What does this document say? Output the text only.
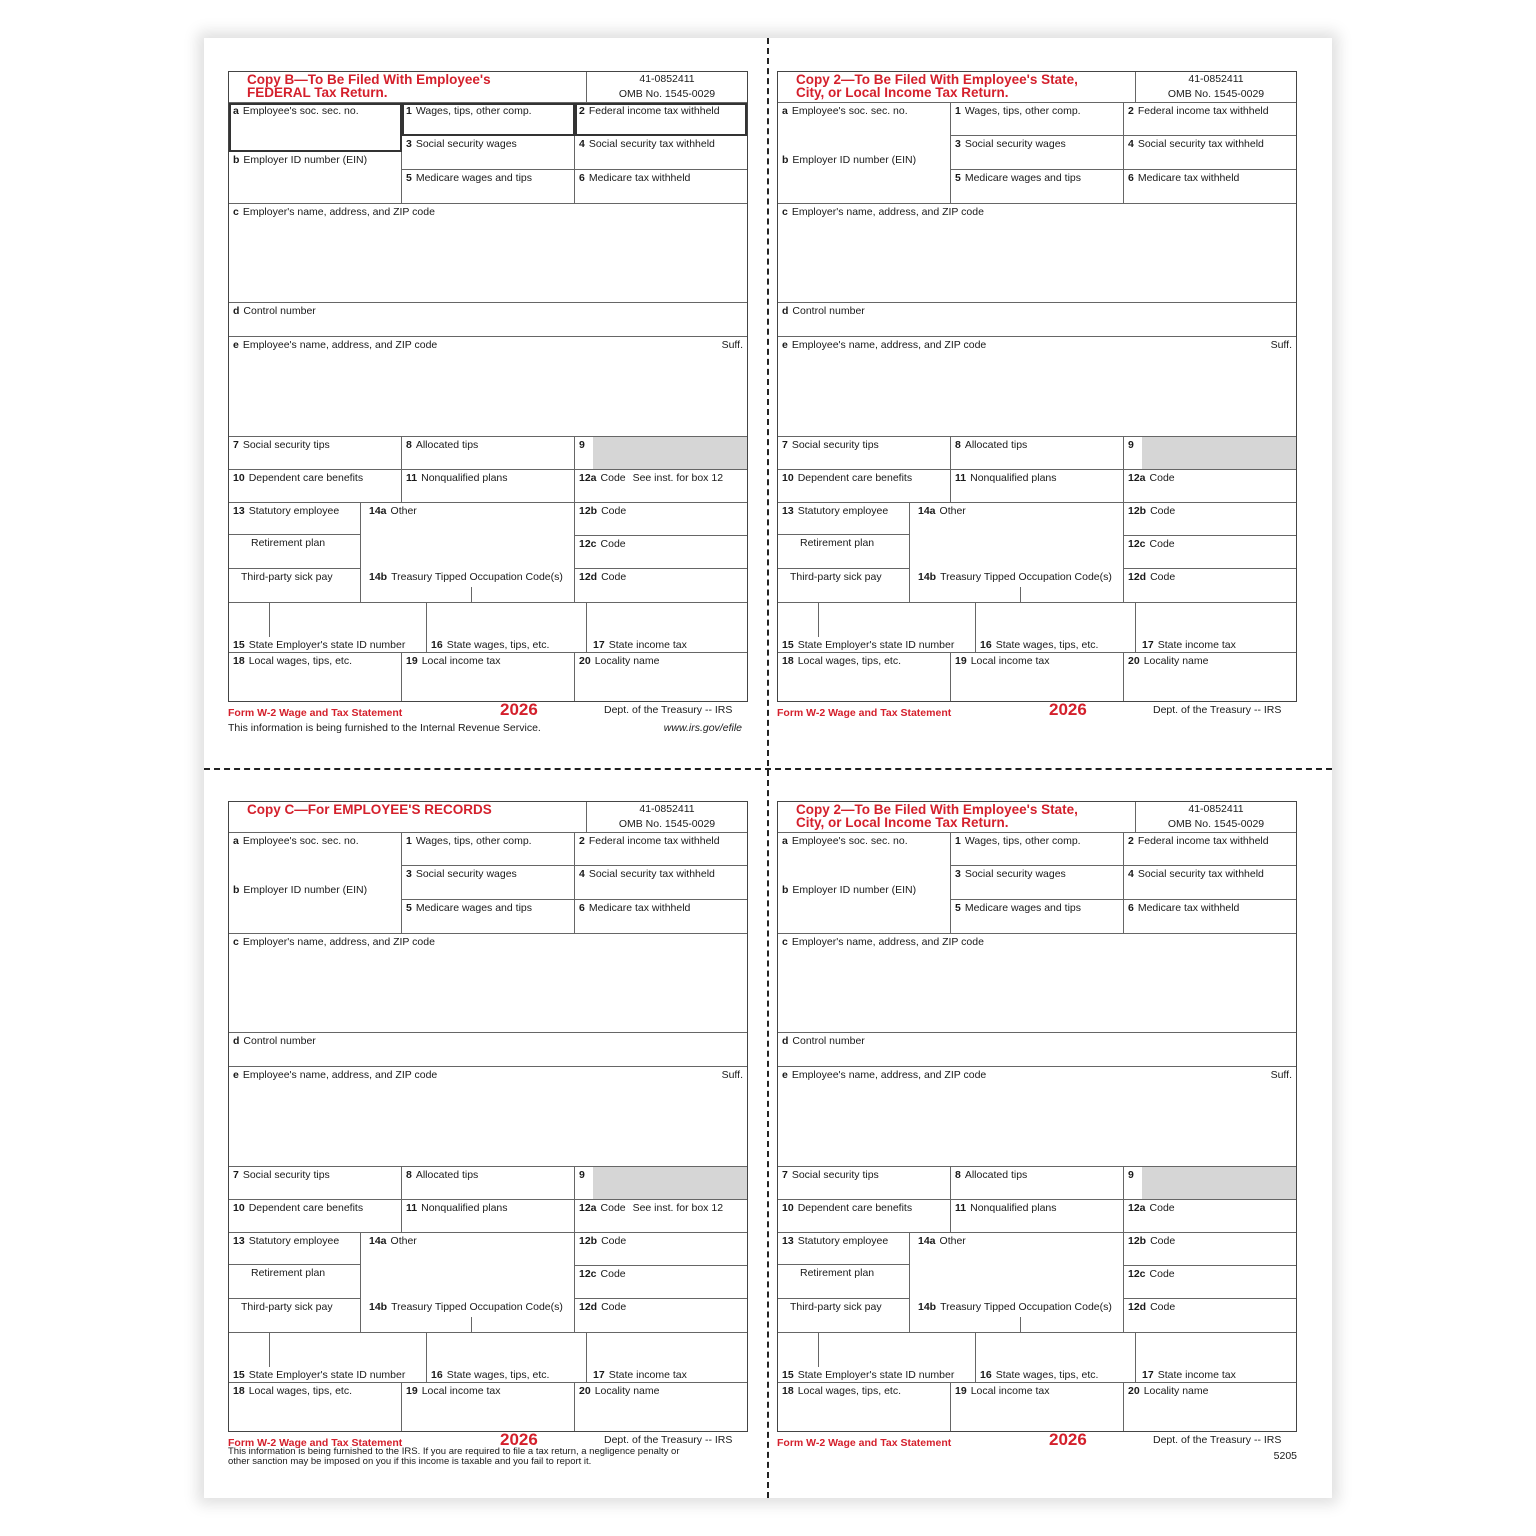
Copy B—To Be Filed With Employee's
FEDERAL Tax Return.
41-0852411
OMB No. 1545-0029
a Employee's soc. sec. no.
b Employer ID number (EIN)
1 Wages, tips, other comp.	2 Federal income tax withheld
3 Social security wages	4 Social security tax withheld
5 Medicare wages and tips	6 Medicare tax withheld
c Employer's name, address, and ZIP code
d Control number
e Employee's name, address, and ZIP code	Suff.
7 Social security tips	8 Allocated tips	9
10 Dependent care benefits	11 Nonqualified plans	12a Code See inst. for box 12
13 Statutory employee
Retirement plan
Third-party sick pay
14a Other
14b Treasury Tipped Occupation Code(s)
12b Code
12c Code
12d Code
15 State Employer's state ID number	16 State wages, tips, etc.	17 State income tax
18 Local wages, tips, etc.	19 Local income tax	20 Locality name
Form W-2 Wage and Tax Statement	2026	Dept. of the Treasury -- IRS
This information is being furnished to the Internal Revenue Service.	www.irs.gov/efile
Copy 2—To Be Filed With Employee's State,
City, or Local Income Tax Return.
41-0852411
OMB No. 1545-0029
a Employee's soc. sec. no.
b Employer ID number (EIN)
1 Wages, tips, other comp.	2 Federal income tax withheld
3 Social security wages	4 Social security tax withheld
5 Medicare wages and tips	6 Medicare tax withheld
c Employer's name, address, and ZIP code
d Control number
e Employee's name, address, and ZIP code	Suff.
7 Social security tips	8 Allocated tips	9
10 Dependent care benefits	11 Nonqualified plans	12a Code
13 Statutory employee
Retirement plan
Third-party sick pay
14a Other
14b Treasury Tipped Occupation Code(s)
12b Code
12c Code
12d Code
15 State Employer's state ID number	16 State wages, tips, etc.	17 State income tax
18 Local wages, tips, etc.	19 Local income tax	20 Locality name
Form W-2 Wage and Tax Statement	2026	Dept. of the Treasury -- IRS
Copy C—For EMPLOYEE'S RECORDS	41-0852411
OMB No. 1545-0029
a Employee's soc. sec. no.
b Employer ID number (EIN)
1 Wages, tips, other comp.	2 Federal income tax withheld
3 Social security wages	4 Social security tax withheld
5 Medicare wages and tips	6 Medicare tax withheld
c Employer's name, address, and ZIP code
d Control number
e Employee's name, address, and ZIP code	Suff.
7 Social security tips	8 Allocated tips	9
10 Dependent care benefits	11 Nonqualified plans	12a Code See inst. for box 12
13 Statutory employee
Retirement plan
Third-party sick pay
14a Other
14b Treasury Tipped Occupation Code(s)
12b Code
12c Code
12d Code
15 State Employer's state ID number	16 State wages, tips, etc.	17 State income tax
18 Local wages, tips, etc.	19 Local income tax	20 Locality name
Form W-2 Wage and Tax Statement	2026	Dept. of the Treasury -- IRS
This information is being furnished to the IRS. If you are required to file a tax return, a negligence penalty or other sanction may be imposed on you if this income is taxable and you fail to report it.
Copy 2—To Be Filed With Employee's State,
City, or Local Income Tax Return.
41-0852411
OMB No. 1545-0029
a Employee's soc. sec. no.
b Employer ID number (EIN)
1 Wages, tips, other comp.	2 Federal income tax withheld
3 Social security wages	4 Social security tax withheld
5 Medicare wages and tips	6 Medicare tax withheld
c Employer's name, address, and ZIP code
d Control number
e Employee's name, address, and ZIP code	Suff.
7 Social security tips	8 Allocated tips	9
10 Dependent care benefits	11 Nonqualified plans	12a Code
13 Statutory employee
Retirement plan
Third-party sick pay
14a Other
14b Treasury Tipped Occupation Code(s)
12b Code
12c Code
12d Code
15 State Employer's state ID number	16 State wages, tips, etc.	17 State income tax
18 Local wages, tips, etc.	19 Local income tax	20 Locality name
Form W-2 Wage and Tax Statement	2026	Dept. of the Treasury -- IRS
5205
